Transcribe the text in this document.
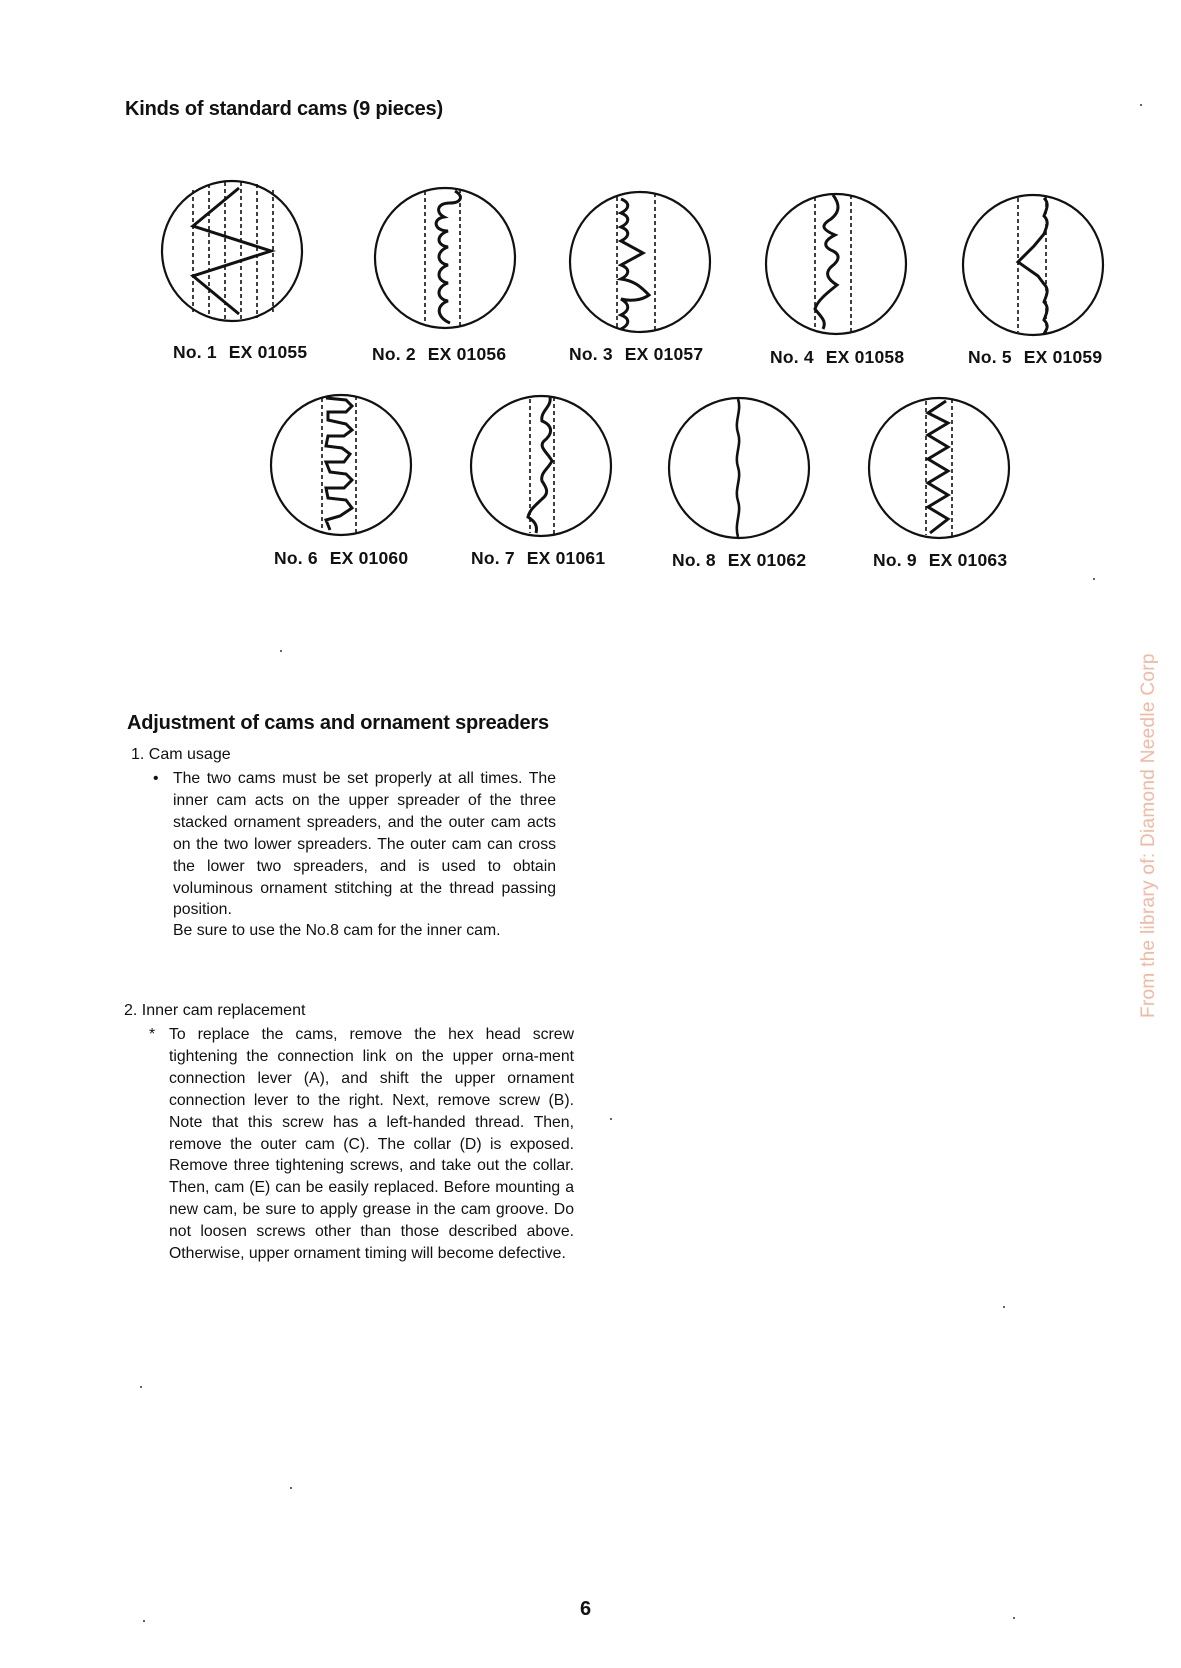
Kinds of standard cams (9 pieces)
No. 1 EX 01055	No. 2 EX 01056	No. 3 EX 01057	No. 4 EX 01058	No. 5 EX 01059
No. 6 EX 01060	No. 7 EX 01061	No. 8 EX 01062	No. 9 EX 01063
Adjustment of cams and ornament spreaders
1. Cam usage

• The two cams must be set properly at all times. The inner cam acts on the upper spreader of the three stacked ornament spreaders, and the outer cam acts on the two lower spreaders. The outer cam can cross the lower two spreaders, and is used to obtain voluminous ornament stitching at the thread passing position.

Be sure to use the No.8 cam for the inner cam.
2. Inner cam replacement

* To replace the cams, remove the hex head screw tightening the connection link on the upper orna-ment connection lever (A), and shift the upper ornament connection lever to the right. Next, remove screw (B). Note that this screw has a left-handed thread. Then, remove the outer cam (C). The collar (D) is exposed. Remove three tightening screws, and take out the collar. Then, cam (E) can be easily replaced. Before mounting a new cam, be sure to apply grease in the cam groove. Do not loosen screws other than those described above. Otherwise, upper ornament timing will become defective.

From the library of: Diamond Needle Corp
6
